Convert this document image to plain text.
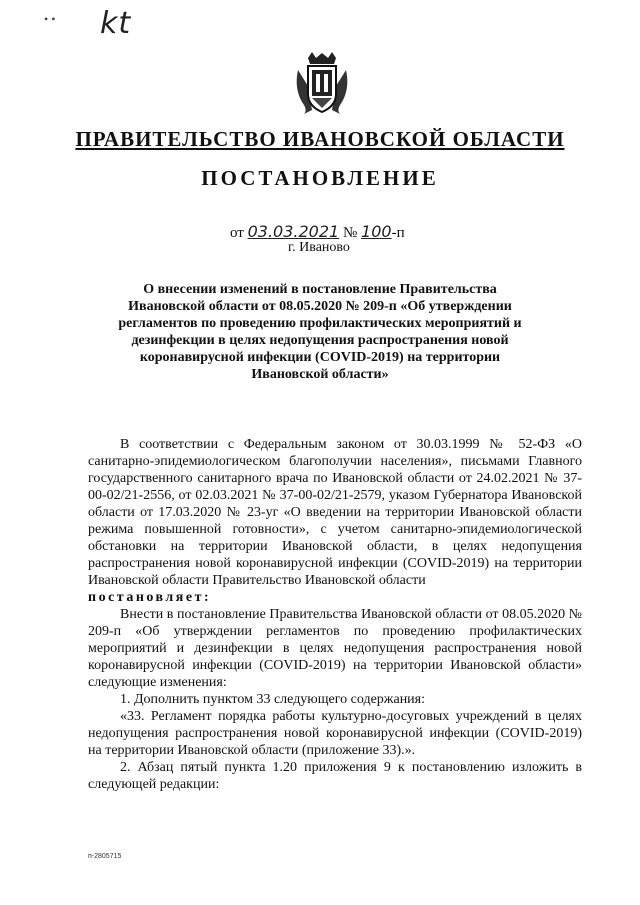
• • kt
ПРАВИТЕЛЬСТВО ИВАНОВСКОЙ ОБЛАСТИ
ПОСТАНОВЛЕНИЕ
от 03.03.2021 № 100-п
г. Иваново
О внесении изменений в постановление Правительства Ивановской области от 08.05.2020 № 209-п «Об утверждении регламентов по проведению профилактических мероприятий и дезинфекции в целях недопущения распространения новой коронавирусной инфекции (COVID-2019) на территории Ивановской области»

В соответствии с Федеральным законом от 30.03.1999 № 52-ФЗ «О санитарно-эпидемиологическом благополучии населения», письмами Главного государственного санитарного врача по Ивановской области от 24.02.2021 № 37-00-02/21-2556, от 02.03.2021 № 37-00-02/21-2579, указом Губернатора Ивановской области от 17.03.2020 № 23-уг «О введении на территории Ивановской области режима повышенной готовности», с учетом санитарно-эпидемиологической обстановки на территории Ивановской области, в целях недопущения распространения новой коронавирусной инфекции (COVID-2019) на территории Ивановской области Правительство Ивановской области

постановляет:

Внести в постановление Правительства Ивановской области от 08.05.2020 № 209-п «Об утверждении регламентов по проведению профилактических мероприятий и дезинфекции в целях недопущения распространения новой коронавирусной инфекции (COVID-2019) на территории Ивановской области» следующие изменения:

1. Дополнить пунктом 33 следующего содержания:

«33. Регламент порядка работы культурно-досуговых учреждений в целях недопущения распространения новой коронавирусной инфекции (COVID-2019) на территории Ивановской области (приложение 33).».

2. Абзац пятый пункта 1.20 приложения 9 к постановлению изложить в следующей редакции:

п-2805715
